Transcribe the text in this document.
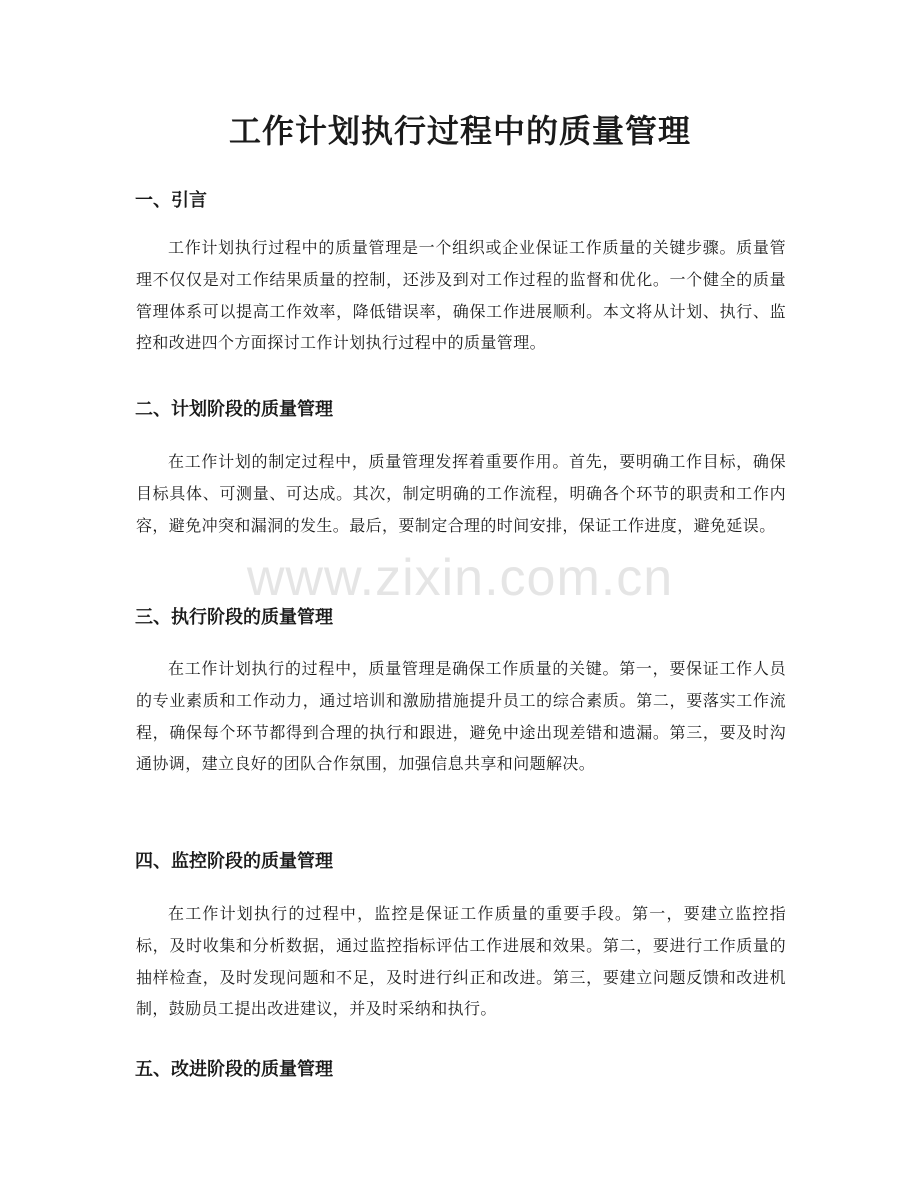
工作计划执行过程中的质量管理
一、引言

工作计划执行过程中的质量管理是一个组织或企业保证工作质量的关键步骤。质量管理不仅仅是对工作结果质量的控制，还涉及到对工作过程的监督和优化。一个健全的质量管理体系可以提高工作效率，降低错误率，确保工作进展顺利。本文将从计划、执行、监控和改进四个方面探讨工作计划执行过程中的质量管理。

二、计划阶段的质量管理

在工作计划的制定过程中，质量管理发挥着重要作用。首先，要明确工作目标，确保目标具体、可测量、可达成。其次，制定明确的工作流程，明确各个环节的职责和工作内容，避免冲突和漏洞的发生。最后，要制定合理的时间安排，保证工作进度，避免延误。

三、执行阶段的质量管理

在工作计划执行的过程中，质量管理是确保工作质量的关键。第一，要保证工作人员的专业素质和工作动力，通过培训和激励措施提升员工的综合素质。第二，要落实工作流程，确保每个环节都得到合理的执行和跟进，避免中途出现差错和遗漏。第三，要及时沟通协调，建立良好的团队合作氛围，加强信息共享和问题解决。

四、监控阶段的质量管理

在工作计划执行的过程中，监控是保证工作质量的重要手段。第一，要建立监控指标，及时收集和分析数据，通过监控指标评估工作进展和效果。第二，要进行工作质量的抽样检查，及时发现问题和不足，及时进行纠正和改进。第三，要建立问题反馈和改进机制，鼓励员工提出改进建议，并及时采纳和执行。

五、改进阶段的质量管理
www.zixin.com.cn
